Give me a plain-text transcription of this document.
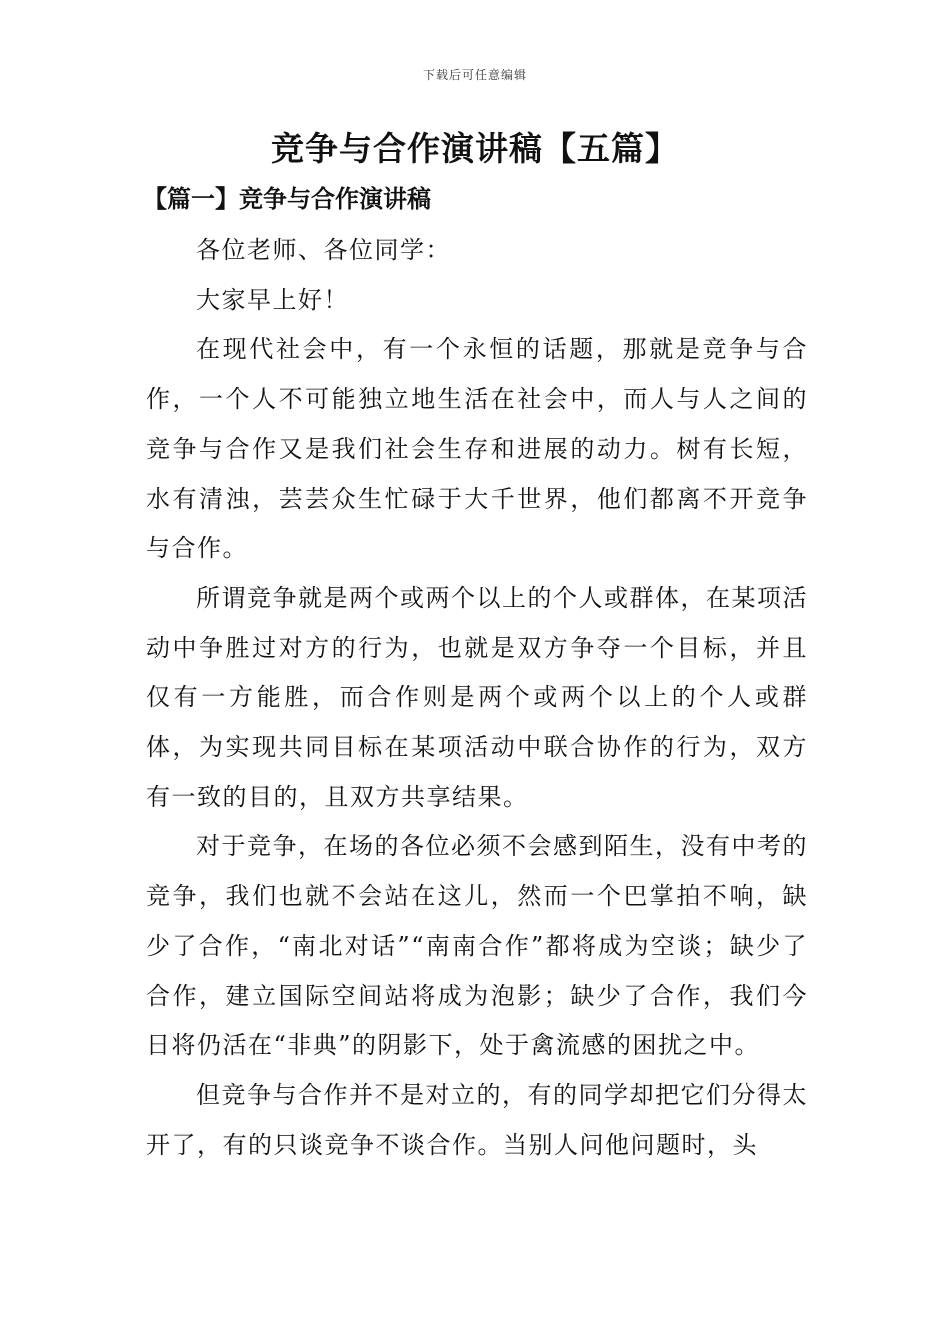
下载后可任意编辑
竞争与合作演讲稿【五篇】
【篇一】竞争与合作演讲稿

各位老师、各位同学：

大家早上好！

在现代社会中，有一个永恒的话题，那就是竞争与合作，一个人不可能独立地生活在社会中，而人与人之间的竞争与合作又是我们社会生存和进展的动力。树有长短，水有清浊，芸芸众生忙碌于大千世界，他们都离不开竞争与合作。

所谓竞争就是两个或两个以上的个人或群体，在某项活动中争胜过对方的行为，也就是双方争夺一个目标，并且仅有一方能胜，而合作则是两个或两个以上的个人或群体，为实现共同目标在某项活动中联合协作的行为，双方有一致的目的，且双方共享结果。

对于竞争，在场的各位必须不会感到陌生，没有中考的竞争，我们也就不会站在这儿，然而一个巴掌拍不响，缺少了合作，“南北对话”“南南合作”都将成为空谈；缺少了合作，建立国际空间站将成为泡影；缺少了合作，我们今日将仍活在“非典”的阴影下，处于禽流感的困扰之中。

但竞争与合作并不是对立的，有的同学却把它们分得太开了，有的只谈竞争不谈合作。当别人问他问题时，头
